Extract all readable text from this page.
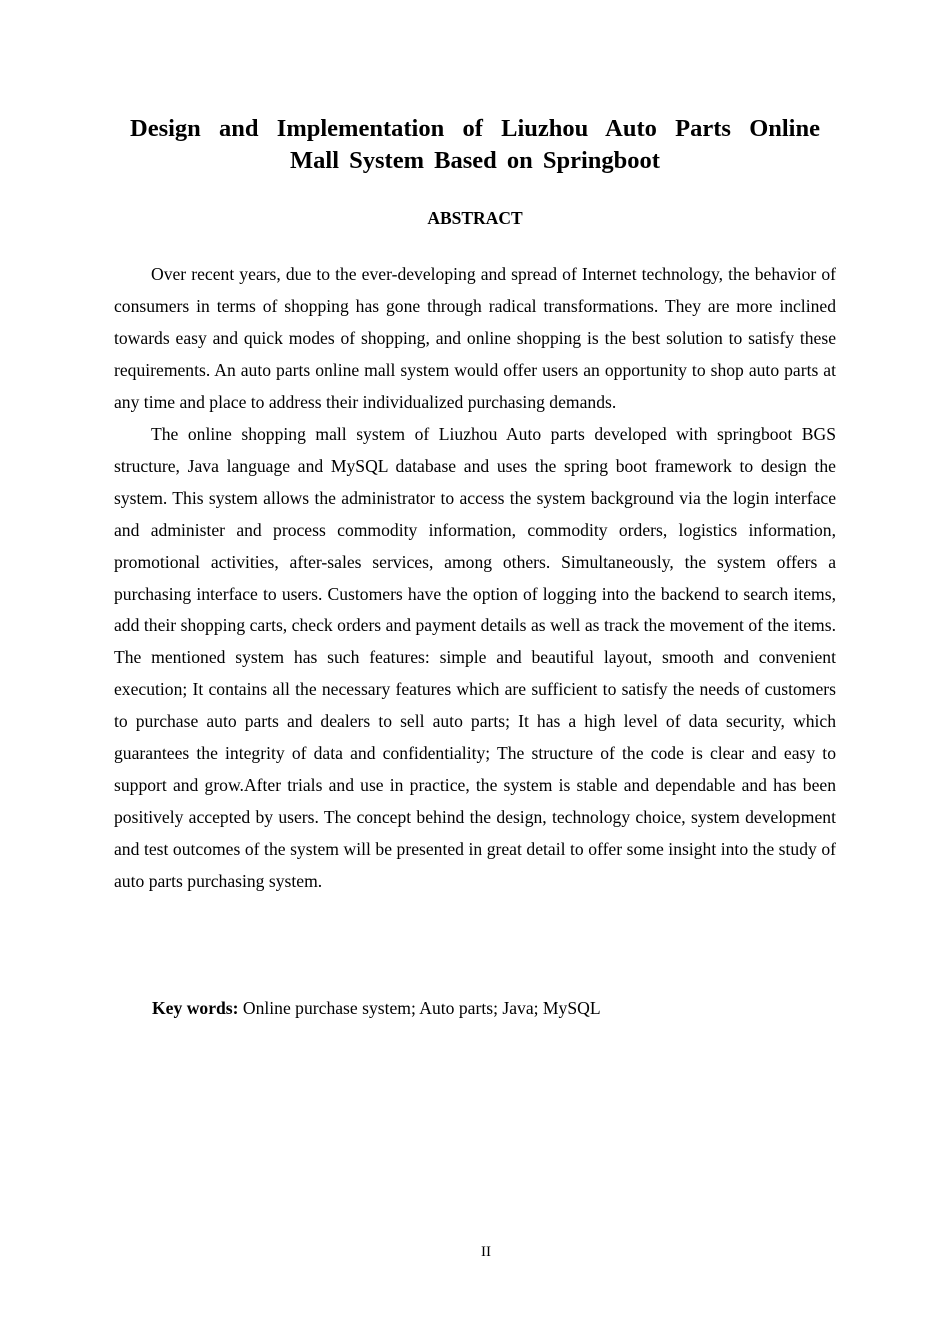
Design and Implementation of Liuzhou Auto Parts Online Mall System Based on Springboot
ABSTRACT

Over recent years, due to the ever-developing and spread of Internet technology, the behavior of consumers in terms of shopping has gone through radical transformations. They are more inclined towards easy and quick modes of shopping, and online shopping is the best solution to satisfy these requirements. An auto parts online mall system would offer users an opportunity to shop auto parts at any time and place to address their individualized purchasing demands.

The online shopping mall system of Liuzhou Auto parts developed with springboot BGS structure, Java language and MySQL database and uses the spring boot framework to design the system. This system allows the administrator to access the system background via the login interface and administer and process commodity information, commodity orders, logistics information, promotional activities, after-sales services, among others. Simultaneously, the system offers a purchasing interface to users. Customers have the option of logging into the backend to search items, add their shopping carts, check orders and payment details as well as track the movement of the items. The mentioned system has such features: simple and beautiful layout, smooth and convenient execution; It contains all the necessary features which are sufficient to satisfy the needs of customers to purchase auto parts and dealers to sell auto parts; It has a high level of data security, which guarantees the integrity of data and confidentiality; The structure of the code is clear and easy to support and grow.After trials and use in practice, the system is stable and dependable and has been positively accepted by users. The concept behind the design, technology choice, system development and test outcomes of the system will be presented in great detail to offer some insight into the study of auto parts purchasing system.

Key words: Online purchase system; Auto parts; Java; MySQL

II
